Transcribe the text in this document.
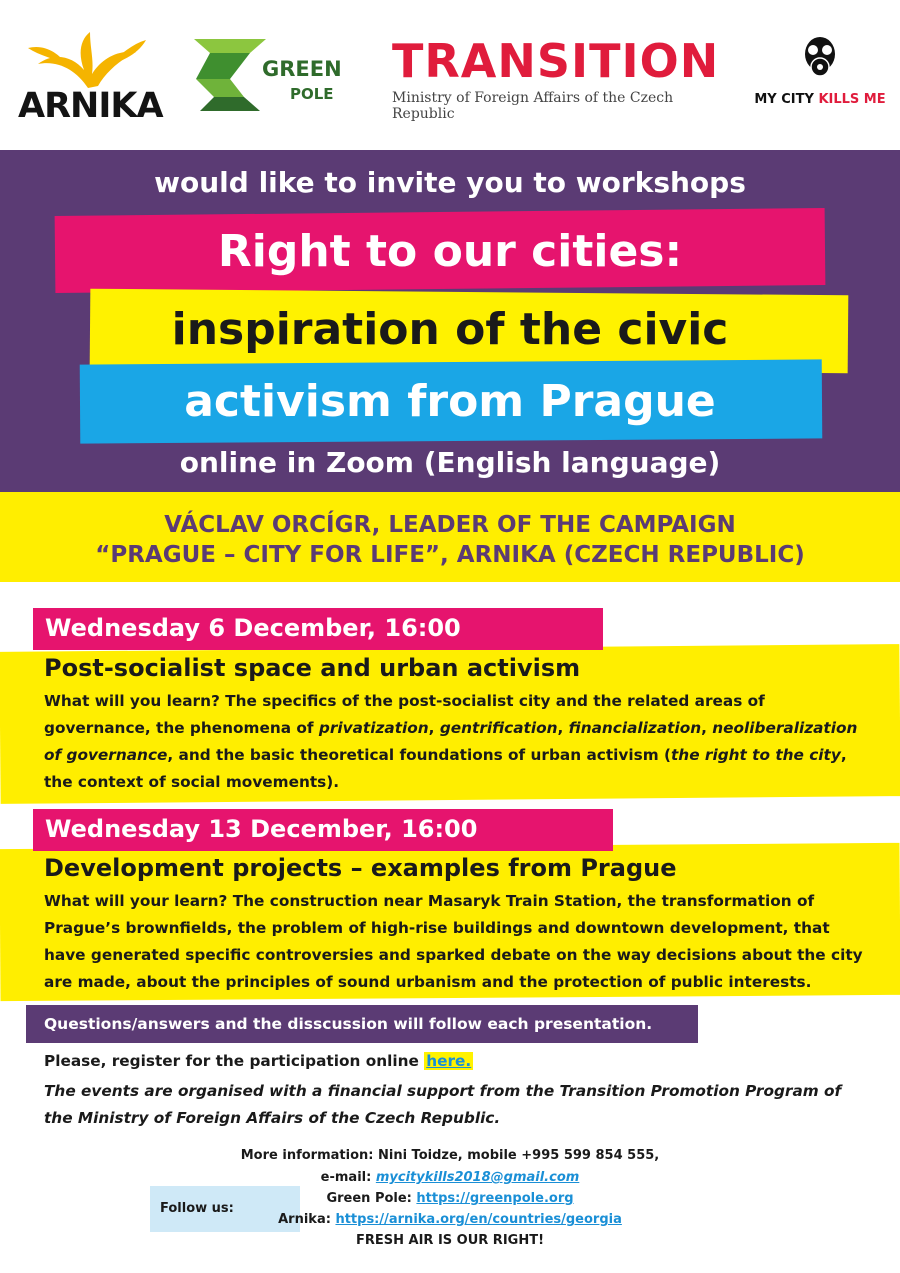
ARNIKA
GREEN
POLE
TRANSITION
Ministry of Foreign Affairs of the Czech Republic
MY CITY KILLS ME
would like to invite you to workshops
Right to our cities:
inspiration of the civic
activism from Prague
online in Zoom (English language)
VÁCLAV ORCÍGR, LEADER OF THE CAMPAIGN
“PRAGUE – CITY FOR LIFE”, ARNIKA (CZECH REPUBLIC)
Wednesday 6 December, 16:00
Post-socialist space and urban activism
What will you learn? The specifics of the post-socialist city and the related areas of governance, the phenomena of privatization, gentrification, financialization, neoliberalization of governance, and the basic theoretical foundations of urban activism (the right to the city, the context of social movements).
Wednesday 13 December, 16:00
Development projects – examples from Prague
What will your learn? The construction near Masaryk Train Station, the transformation of Prague’s brownfields, the problem of high-rise buildings and downtown development, that have generated specific controversies and sparked debate on the way decisions about the city are made, about the principles of sound urbanism and the protection of public interests.
Questions/answers and the disscussion will follow each presentation.
Please, register for the participation online here.
The events are organised with a financial support from the Transition Promotion Program of the Ministry of Foreign Affairs of the Czech Republic.
Follow us:
More information: Nini Toidze, mobile +995 599 854 555,
e-mail: mycitykills2018@gmail.com
Green Pole: https://greenpole.org
Arnika: https://arnika.org/en/countries/georgia
FRESH AIR IS OUR RIGHT!
